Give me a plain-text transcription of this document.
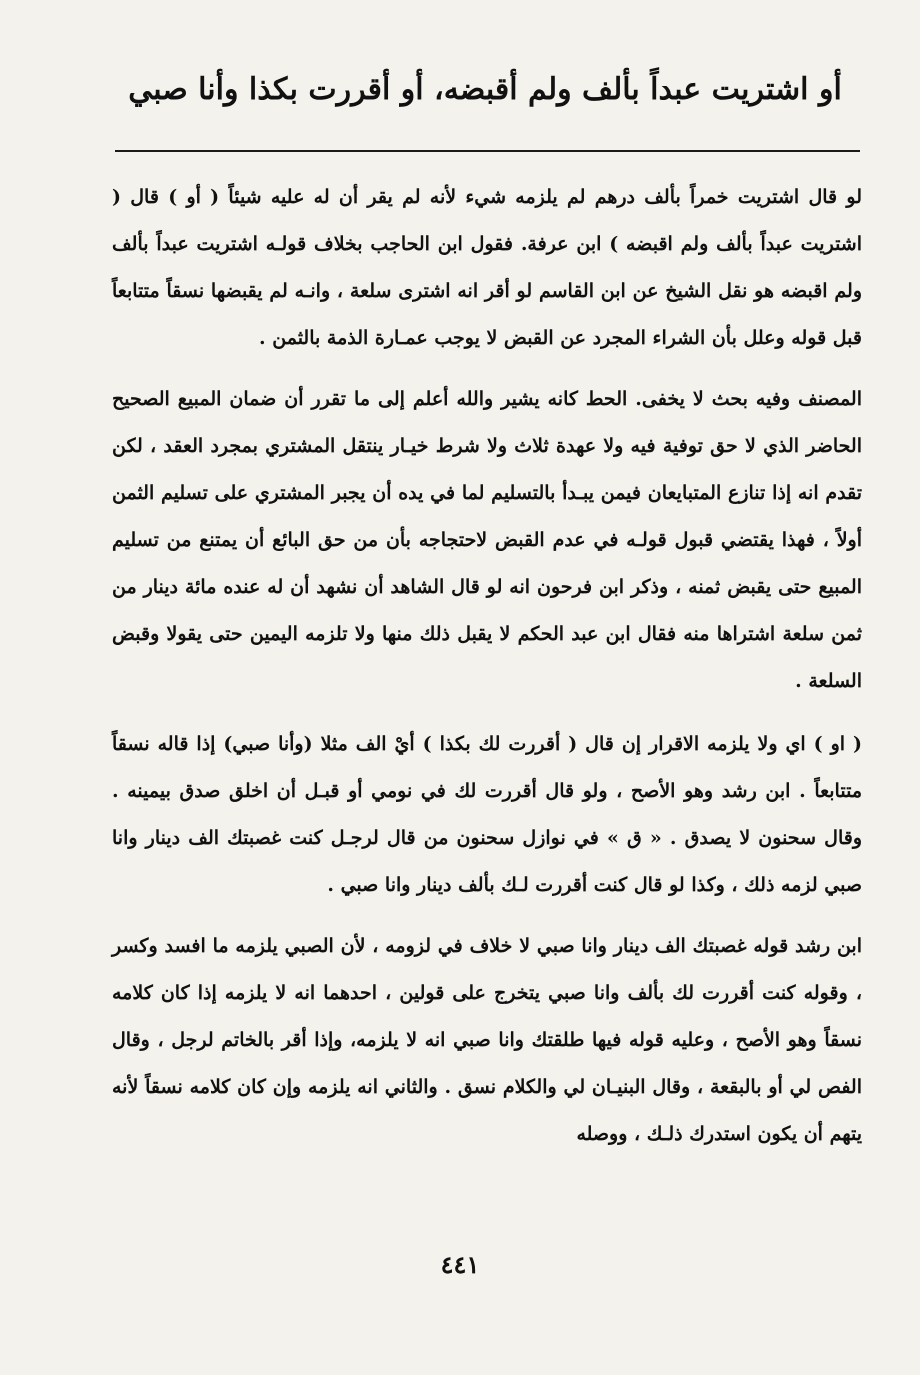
أو اشتريت عبداً بألف ولم أقبضه، أو أقررت بكذا وأنا صبي

لو قال اشتريت خمراً بألف درهم لم يلزمه شيء لأنه لم يقر أن له عليه شيئاً ( أو ) قال ( اشتريت عبداً بألف ولم اقبضه ) ابن عرفة. فقول ابن الحاجب بخلاف قولـه اشتريت عبداً بألف ولم اقبضه هو نقل الشيخ عن ابن القاسم لو أقر انه اشترى سلعة ، وانـه لم يقبضها نسقاً متتابعاً قبل قوله وعلل بأن الشراء المجرد عن القبض لا يوجب عمـارة الذمة بالثمن .

المصنف وفيه بحث لا يخفى. الحط كانه يشير والله أعلم إلى ما تقرر أن ضمان المبيع الصحيح الحاضر الذي لا حق توفية فيه ولا عهدة ثلاث ولا شرط خيـار ينتقل المشتري بمجرد العقد ، لكن تقدم انه إذا تنازع المتبايعان فيمن يبـدأ بالتسليم لما في يده أن يجبر المشتري على تسليم الثمن أولاً ، فهذا يقتضي قبول قولـه في عدم القبض لاحتجاجه بأن من حق البائع أن يمتنع من تسليم المبيع حتى يقبض ثمنه ، وذكر ابن فرحون انه لو قال الشاهد أن نشهد أن له عنده مائة دينار من ثمن سلعة اشتراها منه فقال ابن عبد الحكم لا يقبل ذلك منها ولا تلزمه اليمين حتى يقولا وقبض السلعة .

( او ) اي ولا يلزمه الاقرار إن قال ( أقررت لك بكذا ) أيْ الف مثلا (وأنا صبي) إذا قاله نسقاً متتابعاً . ابن رشد وهو الأصح ، ولو قال أقررت لك في نومي أو قبـل أن اخلق صدق بيمينه . وقال سحنون لا يصدق . « ق » في نوازل سحنون من قال لرجـل كنت غصبتك الف دينار وانا صبي لزمه ذلك ، وكذا لو قال كنت أقررت لـك بألف دينار وانا صبي .

ابن رشد قوله غصبتك الف دينار وانا صبي لا خلاف في لزومه ، لأن الصبي يلزمه ما افسد وكسر ، وقوله كنت أقررت لك بألف وانا صبي يتخرج على قولين ، احدهما انه لا يلزمه إذا كان كلامه نسقاً وهو الأصح ، وعليه قوله فيها طلقتك وانا صبي انه لا يلزمه، وإذا أقر بالخاتم لرجل ، وقال الفص لي أو بالبقعة ، وقال البنيـان لي والكلام نسق . والثاني انه يلزمه وإن كان كلامه نسقاً لأنه يتهم أن يكون استدرك ذلـك ، ووصله

٤٤١
